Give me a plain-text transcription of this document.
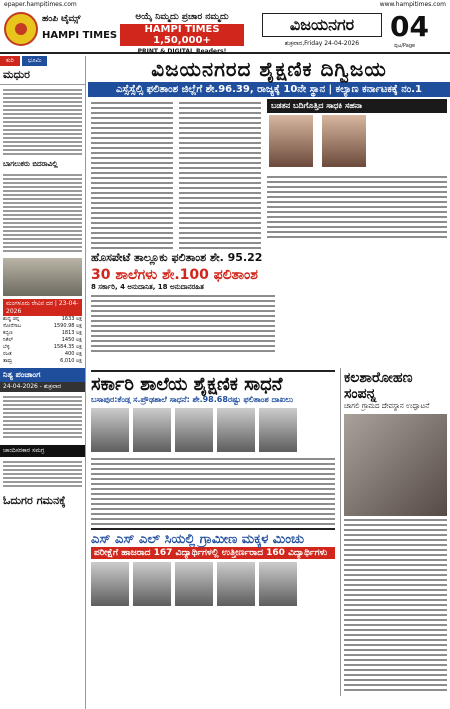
epaper.hampitimes.com	www.hampitimes.com
ಹಂಪಿ ಟೈಮ್ಸ್
HAMPI TIMES
ಅಯ್ಕೆ ನಿಮ್ಮದು ಪ್ರಚಾರ ನಮ್ಮದು
HAMPI TIMES 1,50,000+
PRINT & DIGITAL Readers!
ವಿಜಯನಗರ
ಶುಕ್ರವಾರ,Friday 24-04-2026
04
ಪುಟ/Page
ಕುರಿ	ಭೂಮಿ
ಮಧುರ
ಬಾಗಲುಕರು ಬಿದರಾವಿಲ್ಲಿ
ಮಂಗಳೂರು ರೇವಿನ ದರ | 23-04-2026
ಶುದ್ಧ ಚಿನ್ನ	1633 ಲಕ್ಷ
ಸೋನೆಗಾಬ	1590.98 ಲಕ್ಷ
ಕಬ್ಬಿಣ	1813 ಲಕ್ಷ
ನಿಕೆಲ್	1450 ಲಕ್ಷ
ಬೆಳ್ಳಿ	1584.35 ಲಕ್ಷ
ರಜತ	400 ಲಕ್ಷ
ತಾಮ್ರ	6,010 ಲಕ್ಷ
ನಿತ್ಯ ಪಂಚಾಂಗ
24-04-2026 - ಶುಕ್ರವಾರ
ಚಾಂದಿಸರಕಾರ ಸಮಗ್ರ
ಓದುಗರ ಗಮನಕ್ಕೆ
ವಿಜಯನಗರದ ಶೈಕ್ಷಣಿಕ ದಿಗ್ವಿಜಯ
ಎಸ್ಸೆಸ್ಸೆಲ್ಸಿ ಫಲಿತಾಂಶ ಜಿಲ್ಲೆಗೆ ಶೇ.96.39, ರಾಜ್ಯಕ್ಕೆ 10ನೇ ಸ್ಥಾನ | ಕಲ್ಯಾಣ ಕರ್ನಾಟಕಕ್ಕೆ ನಂ.1
ಬಡತನ ಬದಿಗೊತ್ತಿದ ಸಾಧಕಿ ಸಹನಾ

ಹೊಸಪೇಟೆ ತಾಲ್ಲೂಕು ಫಲಿತಾಂಶ ಶೇ. 95.22
30 ಶಾಲೆಗಳು ಶೇ.100 ಫಲಿತಾಂಶ
8 ಸರ್ಕಾರಿ, 4 ಅನುದಾನಿತ, 18 ಅನುದಾನರಹಿತ
ಸರ್ಕಾರಿ ಶಾಲೆಯ ಶೈಕ್ಷಣಿಕ ಸಾಧನೆ
ಬಸಾಪುರ:ಕೆಂಡ್ಗ ಸ.ಪ್ರೌಢಶಾಲೆ ಸಾಧನೆ: ಶೇ.98.68ರಷ್ಟು ಫಲಿತಾಂಶ ದಾಖಲು
ಎಸ್ ಎಸ್ ಎಲ್ ಸಿಯಲ್ಲಿ ಗ್ರಾಮೀಣ ಮಕ್ಕಳ ಮಿಂಚು
ಪರೀಕ್ಷೆಗೆ ಹಾಜರಾದ 167 ವಿದ್ಯಾರ್ಥಿಗಳಲ್ಲಿ ಉತ್ತೀರ್ಣರಾದ 160 ವಿದ್ಯಾರ್ಥಿಗಳು
ಕಲಶಾರೋಹಣ ಸಂಪನ್ನ
ಚಾಗಲಿ ಗ್ರಾಮದ ದೇವಸ್ಥಾನ ಉದ್ಘಾಟನೆ
